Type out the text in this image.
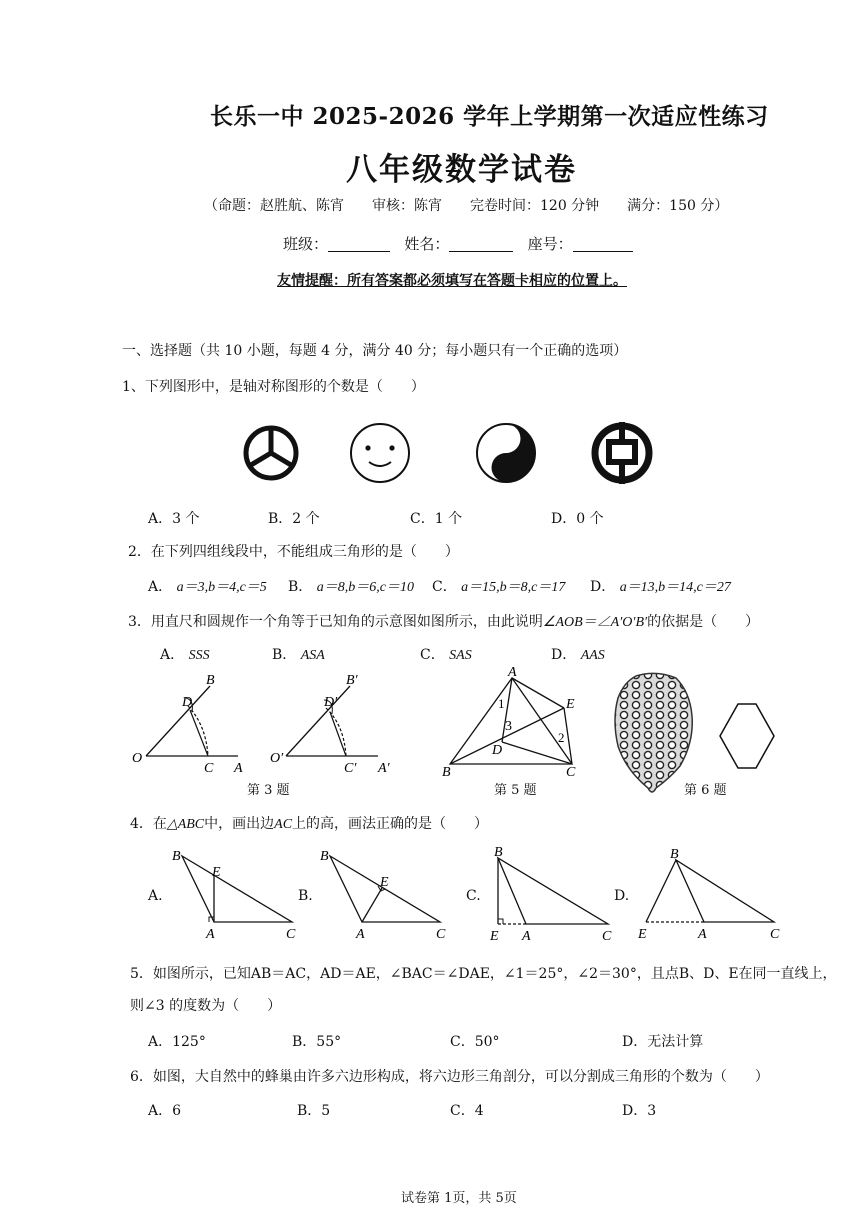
长乐一中 2025-2026 学年上学期第一次适应性练习
八年级数学试卷
（命题：赵胜航、陈宵　　审核：陈宵　　完卷时间：120 分钟　　满分：150 分）
班级：	姓名：	座号：
友情提醒：所有答案都必须填写在答题卡相应的位置上。
一、选择题（共 10 小题，每题 4 分，满分 40 分；每小题只有一个正确的选项）
1、下列图形中，是轴对称图形的个数是（　　）
A．3 个	B．2 个	C．1 个	D．0 个
2．在下列四组线段中，不能组成三角形的是（　　）
A． a＝3,b＝4,c＝5 B． a＝8,b＝6,c＝10 C． a＝15,b＝8,c＝17 D． a＝13,b＝14,c＝27
3．用直尺和圆规作一个角等于已知角的示意图如图所示，由此说明∠AOB＝∠A′O′B′的依据是（　　）
A． SSS	B． ASA	C． SAS	D． AAS
B
D
O
C A
B′
D′
O′
C′ A′
第 3 题
A
E
1
3
2
D
B	C
第 5 题	第 6 题
4．在△ABC中，画出边AC上的高，画法正确的是（　　）
A.
B
E
A	C
B.
B
E
A	C
C.
B
E A	C
D.
B
E	A	C
5．如图所示，已知AB＝AC，AD＝AE，∠BAC＝∠DAE，∠1＝25°，∠2＝30°，且点B、D、E在同一直线上，
则∠3 的度数为（　　）
A．125°	B．55°	C．50°	D．无法计算
6．如图，大自然中的蜂巢由许多六边形构成，将六边形三角剖分，可以分割成三角形的个数为（　　）
A．6	B．5	C．4	D．3
试卷第 1页，共 5页
